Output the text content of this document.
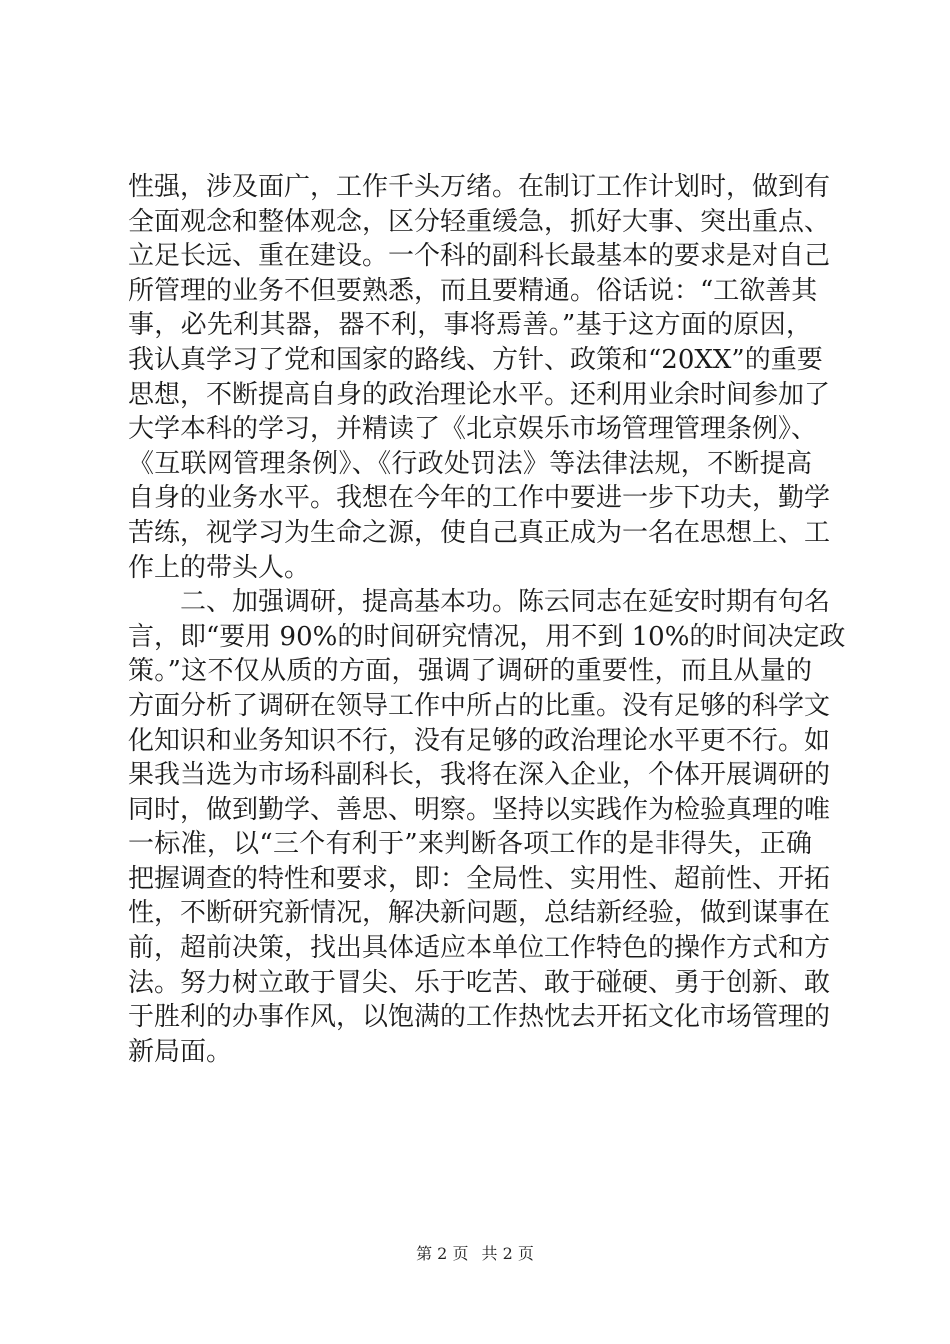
性强，涉及面广，工作千头万绪。在制订工作计划时，做到有
全面观念和整体观念，区分轻重缓急，抓好大事、突出重点、
立足长远、重在建设。一个科的副科长最基本的要求是对自己
所管理的业务不但要熟悉，而且要精通。俗话说：“工欲善其
事，必先利其器，器不利，事将焉善。”基于这方面的原因，
我认真学习了党和国家的路线、方针、政策和“20XX”的重要
思想，不断提高自身的政治理论水平。还利用业余时间参加了
大学本科的学习，并精读了《北京娱乐市场管理管理条例》、
《互联网管理条例》、《行政处罚法》等法律法规，不断提高
自身的业务水平。我想在今年的工作中要进一步下功夫，勤学
苦练，视学习为生命之源，使自己真正成为一名在思想上、工
作上的带头人。
　　二、加强调研，提高基本功。陈云同志在延安时期有句名
言，即“要用 90%的时间研究情况，用不到 10%的时间决定政
策。”这不仅从质的方面，强调了调研的重要性，而且从量的
方面分析了调研在领导工作中所占的比重。没有足够的科学文
化知识和业务知识不行，没有足够的政治理论水平更不行。如
果我当选为市场科副科长，我将在深入企业，个体开展调研的
同时，做到勤学、善思、明察。坚持以实践作为检验真理的唯
一标准，以“三个有利于”来判断各项工作的是非得失，正确
把握调查的特性和要求，即：全局性、实用性、超前性、开拓
性，不断研究新情况，解决新问题，总结新经验，做到谋事在
前，超前决策，找出具体适应本单位工作特色的操作方式和方
法。努力树立敢于冒尖、乐于吃苦、敢于碰硬、勇于创新、敢
于胜利的办事作风，以饱满的工作热忱去开拓文化市场管理的
新局面。
第 2 页 共 2 页
